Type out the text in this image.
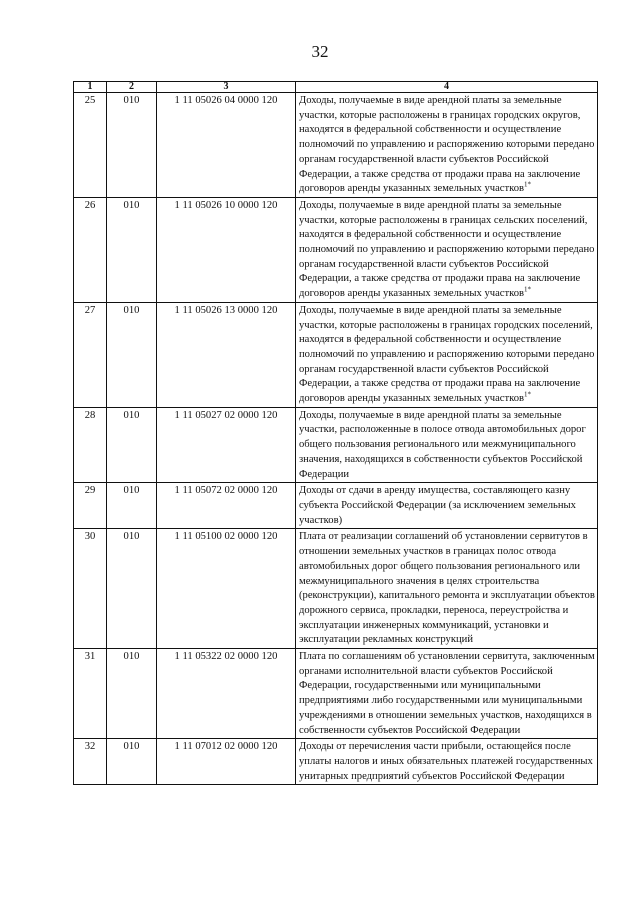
32
1	2	3	4
25	010	1 11 05026 04 0000 120	Доходы, получаемые в виде арендной платы за земельные участки, которые расположены в границах городских округов, находятся в федеральной собственности и осуществление полномочий по управлению и распоряжению которыми передано органам государственной власти субъектов Российской Федерации, а также средства от продажи права на заключение договоров аренды указанных земельных участков$^{1*}$
26	010	1 11 05026 10 0000 120	Доходы, получаемые в виде арендной платы за земельные участки, которые расположены в границах сельских поселений, находятся в федеральной собственности и осуществление полномочий по управлению и распоряжению которыми передано органам государственной власти субъектов Российской Федерации, а также средства от продажи права на заключение договоров аренды указанных земельных участков$^{1*}$
27	010	1 11 05026 13 0000 120	Доходы, получаемые в виде арендной платы за земельные участки, которые расположены в границах городских поселений, находятся в федеральной собственности и осуществление полномочий по управлению и распоряжению которыми передано органам государственной власти субъектов Российской Федерации, а также средства от продажи права на заключение договоров аренды указанных земельных участков$^{1*}$
28	010	1 11 05027 02 0000 120	Доходы, получаемые в виде арендной платы за земельные участки, расположенные в полосе отвода автомобильных дорог общего пользования регионального или межмуниципального значения, находящихся в собственности субъектов Российской Федерации
29	010	1 11 05072 02 0000 120	Доходы от сдачи в аренду имущества, составляющего казну субъекта Российской Федерации (за исключением земельных участков)
30	010	1 11 05100 02 0000 120	Плата от реализации соглашений об установлении сервитутов в отношении земельных участков в границах полос отвода автомобильных дорог общего пользования регионального или межмуниципального значения в целях строительства (реконструкции), капитального ремонта и эксплуатации объектов дорожного сервиса, прокладки, переноса, переустройства и эксплуатации инженерных коммуникаций, установки и эксплуатации рекламных конструкций
31	010	1 11 05322 02 0000 120	Плата по соглашениям об установлении сервитута, заключенным органами исполнительной власти субъектов Российской Федерации, государственными или муниципальными предприятиями либо государственными или муниципальными учреждениями в отношении земельных участков, находящихся в собственности субъектов Российской Федерации
32	010	1 11 07012 02 0000 120	Доходы от перечисления части прибыли, остающейся после уплаты налогов и иных обязательных платежей государственных унитарных предприятий субъектов Российской Федерации
